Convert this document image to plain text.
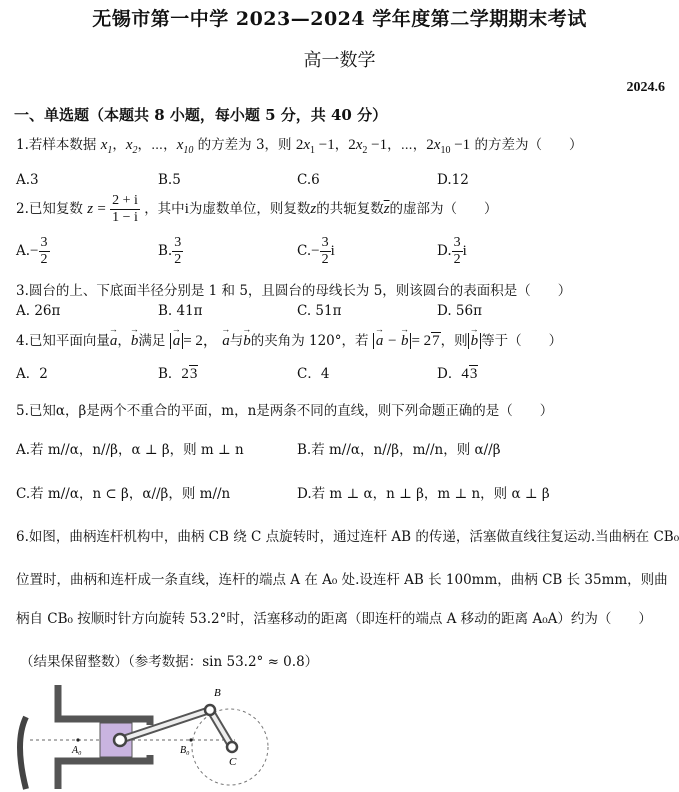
无锡市第一中学 2023—2024 学年度第二学期期末考试
高一数学
2024.6
一、单选题（本题共 8 小题，每小题 5 分，共 40 分）
1.若样本数据 $x_1$，$x_2$，⋯，$x_{10}$ 的方差为 3，则 $2x_1 -1$，$2x_2 -1$，⋯，$2x_{10} -1$ 的方差为（　　）
A.3	B.5	C.6	D.12
2.已知复数 $z = \frac{2 + i}{1 - i}$ ，其中i为虚数单位，则复数z的共轭复数$\overline{z}$的虚部为（　　）
$A.- \frac{3}{2}$	B. $\frac{3}{2}$	$C.- \frac{3}{2}$ i	D. $\frac{3}{2}$ i
3.圆台的上、下底面半径分别是 1 和 5，且圆台的母线长为 5，则该圆台的表面积是（　　）
A. 26π	B. 41π	C. 51π	D. 56π
4.已知平面向量→ a，→ b满足 → a = 2， → a与→ b的夹角为 120°，若 → a − → b = 27，则 → b 等于（　　）
A．2	B．23	C．4	D．43
5.已知α，β是两个不重合的平面，m，n是两条不同的直线，则下列命题正确的是（　　）
A.若 m//α，n//β，α ⊥ β，则 m ⊥ n	B.若 m//α，n//β，m//n，则 α//β
C.若 m//α，n ⊂ β，α//β，则 m//n	D.若 m ⊥ α，n ⊥ β，m ⊥ n，则 α ⊥ β
6.如图，曲柄连杆机构中，曲柄 CB 绕 C 点旋转时，通过连杆 AB 的传递，活塞做直线往复运动.当曲柄在 CB₀
位置时，曲柄和连杆成一条直线，连杆的端点 A 在 A₀ 处.设连杆 AB 长 100mm，曲柄 CB 长 35mm，则曲
柄自 CB₀ 按顺时针方向旋转 53.2°时，活塞移动的距离（即连杆的端点 A 移动的距离 A₀A）约为（　　）
（结果保留整数）（参考数据：sin 53.2° ≈ 0.8）
B
A₀	B₀
C
